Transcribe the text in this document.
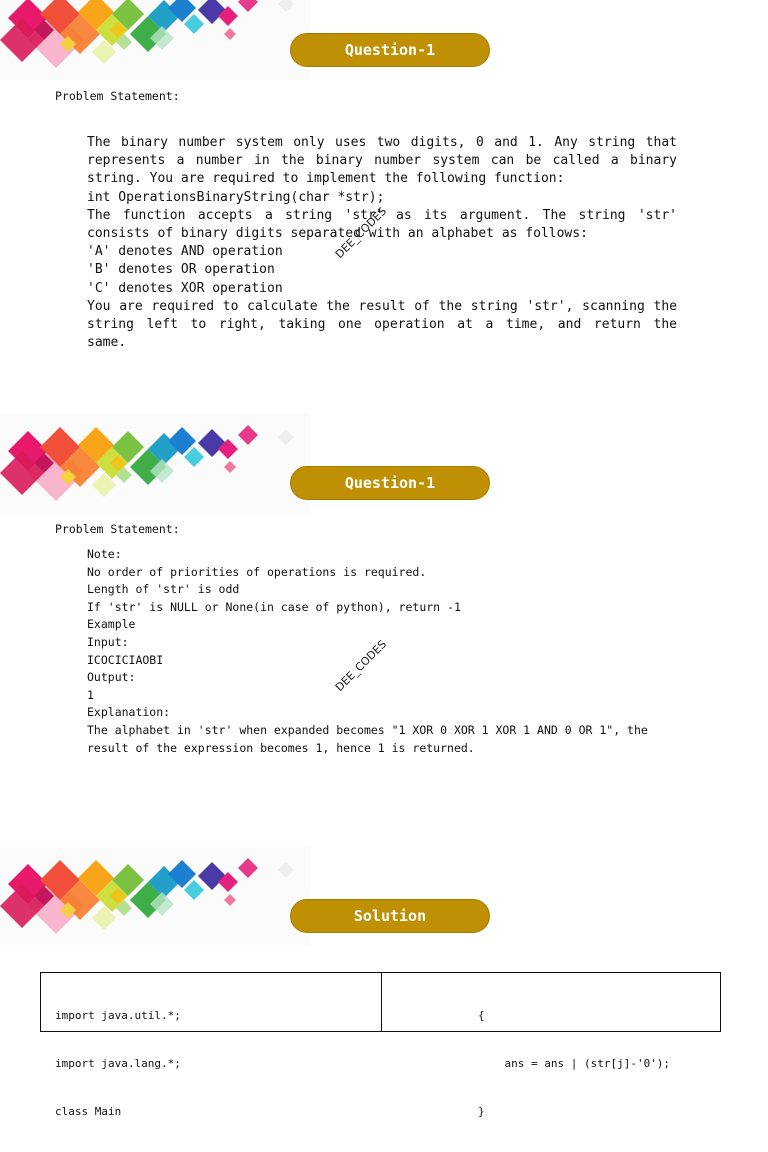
Question-1
Problem Statement:
The binary number system only uses two digits, 0 and 1. Any string that
represents a number in the binary number system can be called a binary
string. You are required to implement the following function:
int OperationsBinaryString(char *str);
The function accepts a string 'str' as its argument. The string 'str'
consists of binary digits separated with an alphabet as follows:
'A' denotes AND operation
'B' denotes OR operation
'C' denotes XOR operation
You are required to calculate the result of the string 'str', scanning the
string left to right, taking one operation at a time, and return the
same.
DEE_CODES
Question-1
Problem Statement:
Note:
No order of priorities of operations is required.
Length of 'str' is odd
If 'str' is NULL or None(in case of python), return -1
Example
Input:
ICOCICIAOBI
Output:
1
Explanation:
The alphabet in 'str' when expanded becomes "1 XOR 0 XOR 1 XOR 1 AND 0 OR 1", the
result of the expression becomes 1, hence 1 is returned.
DEE_CODES
Solution

import java.util.*;

import java.lang.*;

class Main

{

ans = ans | (str[j]-'0');

}
